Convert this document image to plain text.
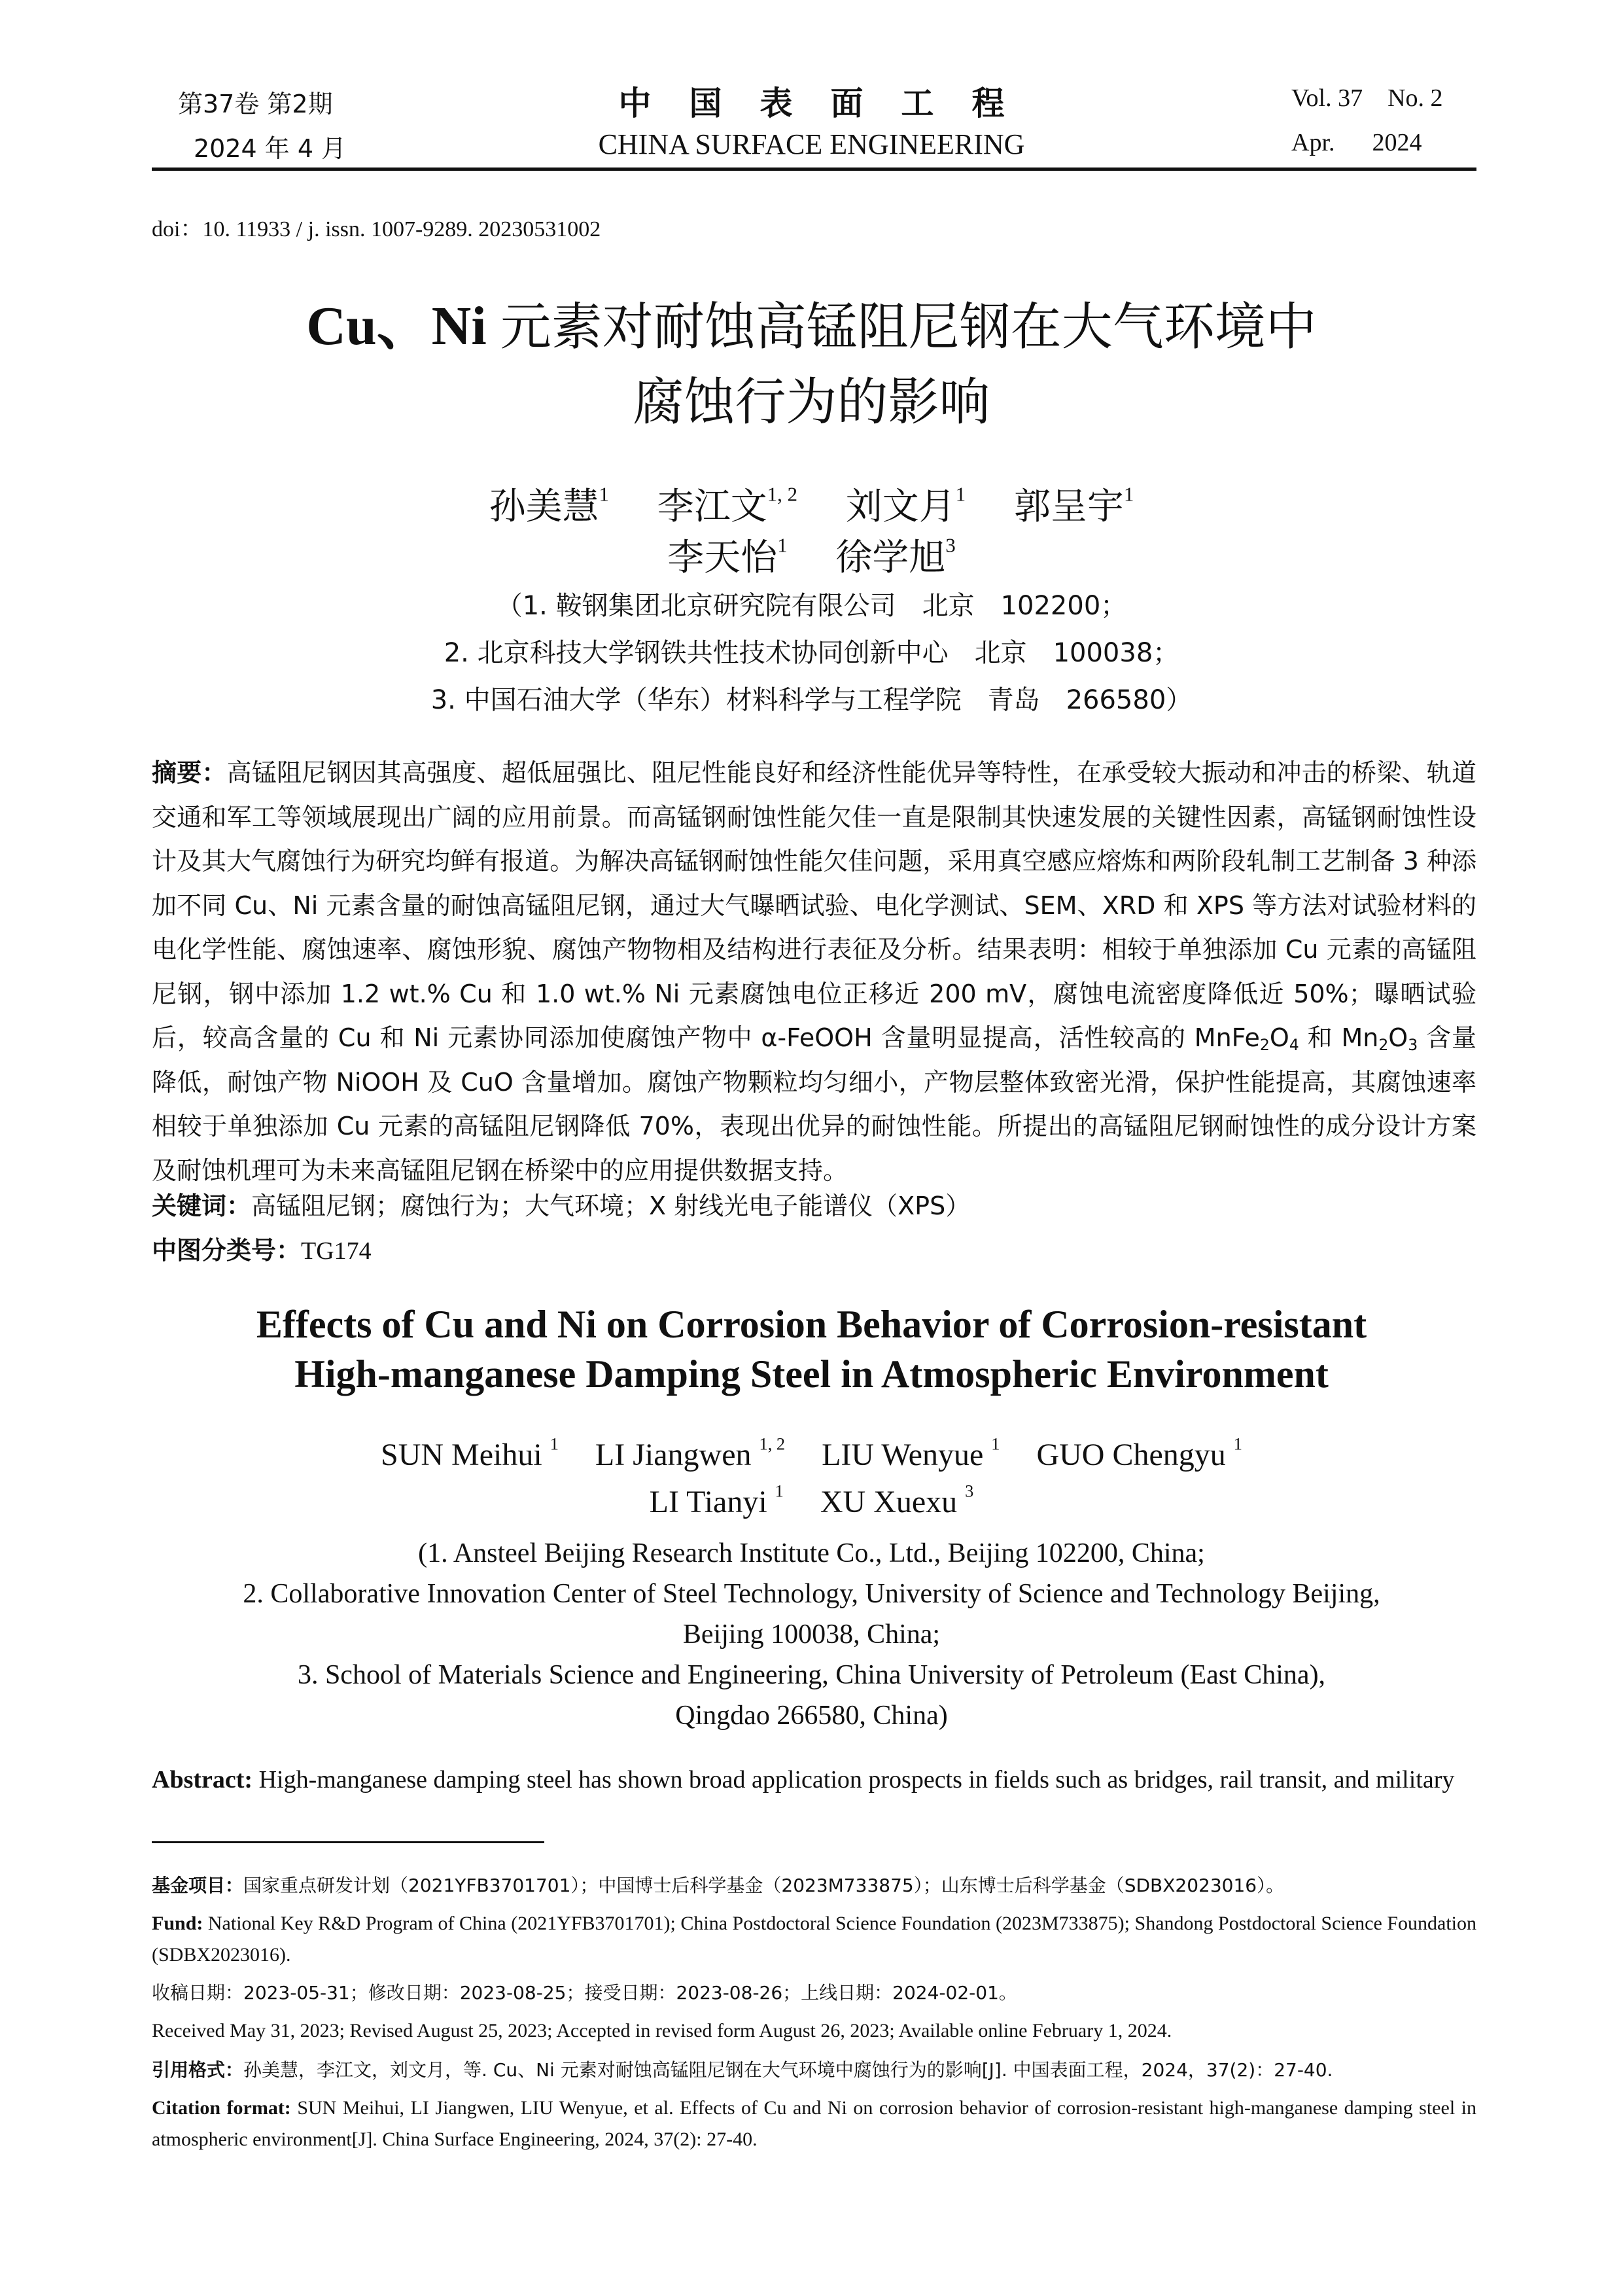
第37卷 第2期
2024 年 4 月
中国表面工程
CHINA SURFACE ENGINEERING
Vol. 37    No. 2
Apr.      2024
doi：10. 11933 / j. issn. 1007-9289. 20230531002
Cu、Ni 元素对耐蚀高锰阻尼钢在大气环境中
腐蚀行为的影响
孙美慧$^1$ 李江文$^{1, 2}$ 刘文月$^1$ 郭呈宇$^1$
李天怡$^1$ 徐学旭$^3$
（1. 鞍钢集团北京研究院有限公司　北京　102200；
2. 北京科技大学钢铁共性技术协同创新中心　北京　100038；
3. 中国石油大学（华东）材料科学与工程学院　青岛　266580）
摘要：高锰阻尼钢因其高强度、超低屈强比、阻尼性能良好和经济性能优异等特性，在承受较大振动和冲击的桥梁、轨道交通和军工等领域展现出广阔的应用前景。而高锰钢耐蚀性能欠佳一直是限制其快速发展的关键性因素，高锰钢耐蚀性设计及其大气腐蚀行为研究均鲜有报道。为解决高锰钢耐蚀性能欠佳问题，采用真空感应熔炼和两阶段轧制工艺制备 3 种添加不同 Cu、Ni 元素含量的耐蚀高锰阻尼钢，通过大气曝晒试验、电化学测试、SEM、XRD 和 XPS 等方法对试验材料的电化学性能、腐蚀速率、腐蚀形貌、腐蚀产物物相及结构进行表征及分析。结果表明：相较于单独添加 Cu 元素的高锰阻尼钢，钢中添加 1.2 wt.% Cu 和 1.0 wt.% Ni 元素腐蚀电位正移近 200 mV，腐蚀电流密度降低近 50%；曝晒试验后，较高含量的 Cu 和 Ni 元素协同添加使腐蚀产物中 α-FeOOH 含量明显提高，活性较高的 $MnFe_2O_4$ 和 $Mn_2O_3$ 含量降低，耐蚀产物 NiOOH 及 CuO 含量增加。腐蚀产物颗粒均匀细小，产物层整体致密光滑，保护性能提高，其腐蚀速率相较于单独添加 Cu 元素的高锰阻尼钢降低 70%，表现出优异的耐蚀性能。所提出的高锰阻尼钢耐蚀性的成分设计方案及耐蚀机理可为未来高锰阻尼钢在桥梁中的应用提供数据支持。
关键词：高锰阻尼钢；腐蚀行为；大气环境；X 射线光电子能谱仪（XPS）
中图分类号：TG174
Effects of Cu and Ni on Corrosion Behavior of Corrosion-resistant
High-manganese Damping Steel in Atmospheric Environment
SUN Meihui $^1$ LI Jiangwen $^{1, 2}$ LIU Wenyue $^1$ GUO Chengyu $^1$
LI Tianyi $^1$ XU Xuexu $^3$
(1. Ansteel Beijing Research Institute Co., Ltd., Beijing 102200, China;
2. Collaborative Innovation Center of Steel Technology, University of Science and Technology Beijing,
Beijing 100038, China;
3. School of Materials Science and Engineering, China University of Petroleum (East China),
Qingdao 266580, China)
Abstract: High-manganese damping steel has shown broad application prospects in fields such as bridges, rail transit, and military
基金项目：国家重点研发计划（2021YFB3701701）；中国博士后科学基金（2023M733875）；山东博士后科学基金（SDBX2023016）。
Fund: National Key R&D Program of China (2021YFB3701701); China Postdoctoral Science Foundation (2023M733875); Shandong Postdoctoral Science Foundation (SDBX2023016).
收稿日期：2023-05-31；修改日期：2023-08-25；接受日期：2023-08-26；上线日期：2024-02-01。
Received May 31, 2023; Revised August 25, 2023; Accepted in revised form August 26, 2023; Available online February 1, 2024.
引用格式：孙美慧，李江文，刘文月，等. Cu、Ni 元素对耐蚀高锰阻尼钢在大气环境中腐蚀行为的影响[J]. 中国表面工程，2024，37(2)：27-40.
Citation format: SUN Meihui, LI Jiangwen, LIU Wenyue, et al. Effects of Cu and Ni on corrosion behavior of corrosion-resistant high-manganese damping steel in atmospheric environment[J]. China Surface Engineering, 2024, 37(2): 27-40.
